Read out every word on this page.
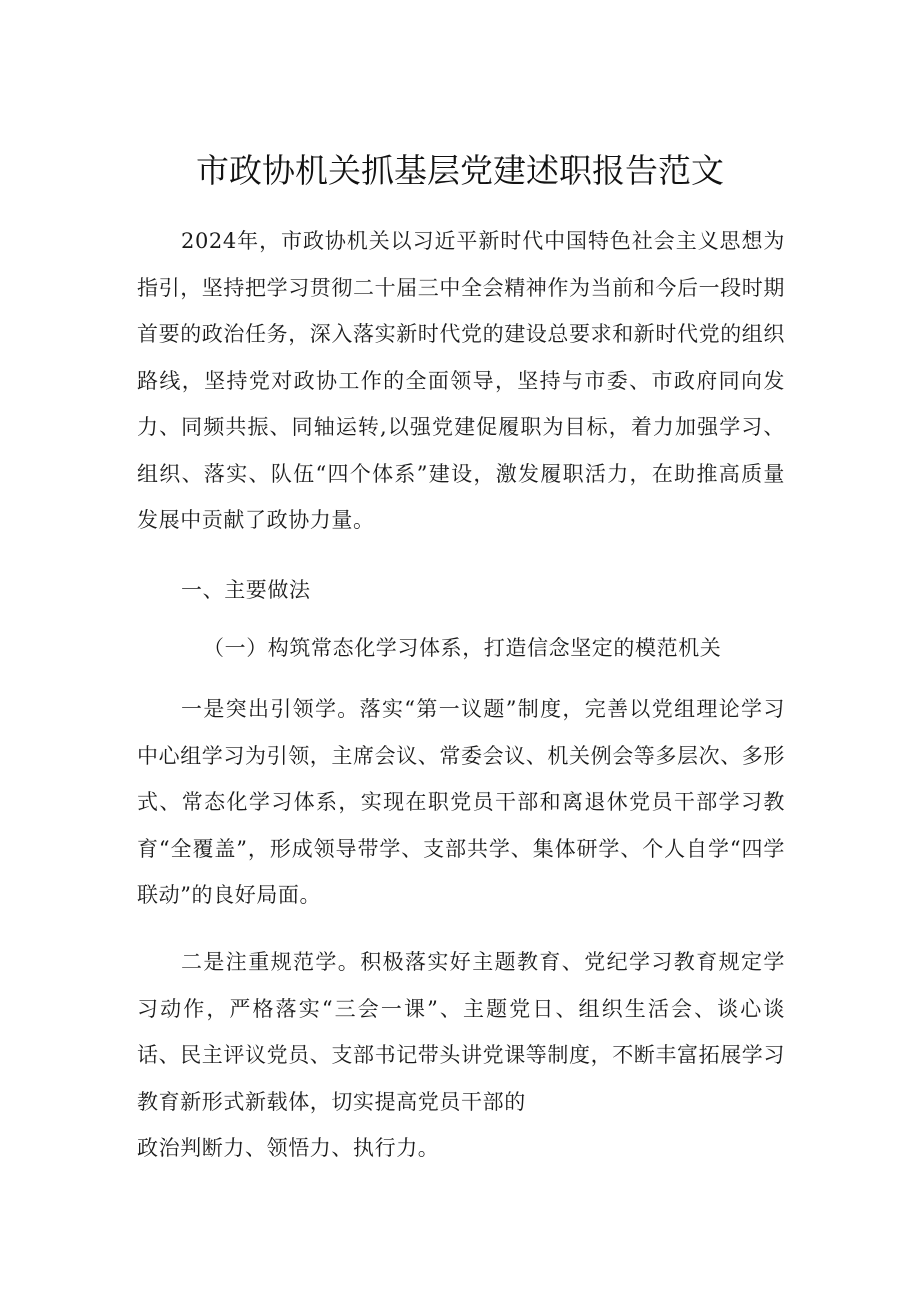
市政协机关抓基层党建述职报告范文

2024年，市政协机关以习近平新时代中国特色社会主义思想为指引，坚持把学习贯彻二十届三中全会精神作为当前和今后一段时期首要的政治任务，深入落实新时代党的建设总要求和新时代党的组织路线，坚持党对政协工作的全面领导，坚持与市委、市政府同向发力、同频共振、同轴运转,以强党建促履职为目标，着力加强学习、组织、落实、队伍“四个体系”建设，激发履职活力，在助推高质量发展中贡献了政协力量。

一、主要做法

（一）构筑常态化学习体系，打造信念坚定的模范机关

一是突出引领学。落实“第一议题”制度，完善以党组理论学习中心组学习为引领，主席会议、常委会议、机关例会等多层次、多形式、常态化学习体系，实现在职党员干部和离退休党员干部学习教育“全覆盖”，形成领导带学、支部共学、集体研学、个人自学“四学联动”的良好局面。

二是注重规范学。积极落实好主题教育、党纪学习教育规定学习动作，严格落实“三会一课”、主题党日、组织生活会、谈心谈话、民主评议党员、支部书记带头讲党课等制度，不断丰富拓展学习教育新形式新载体，切实提高党员干部的

政治判断力、领悟力、执行力。
